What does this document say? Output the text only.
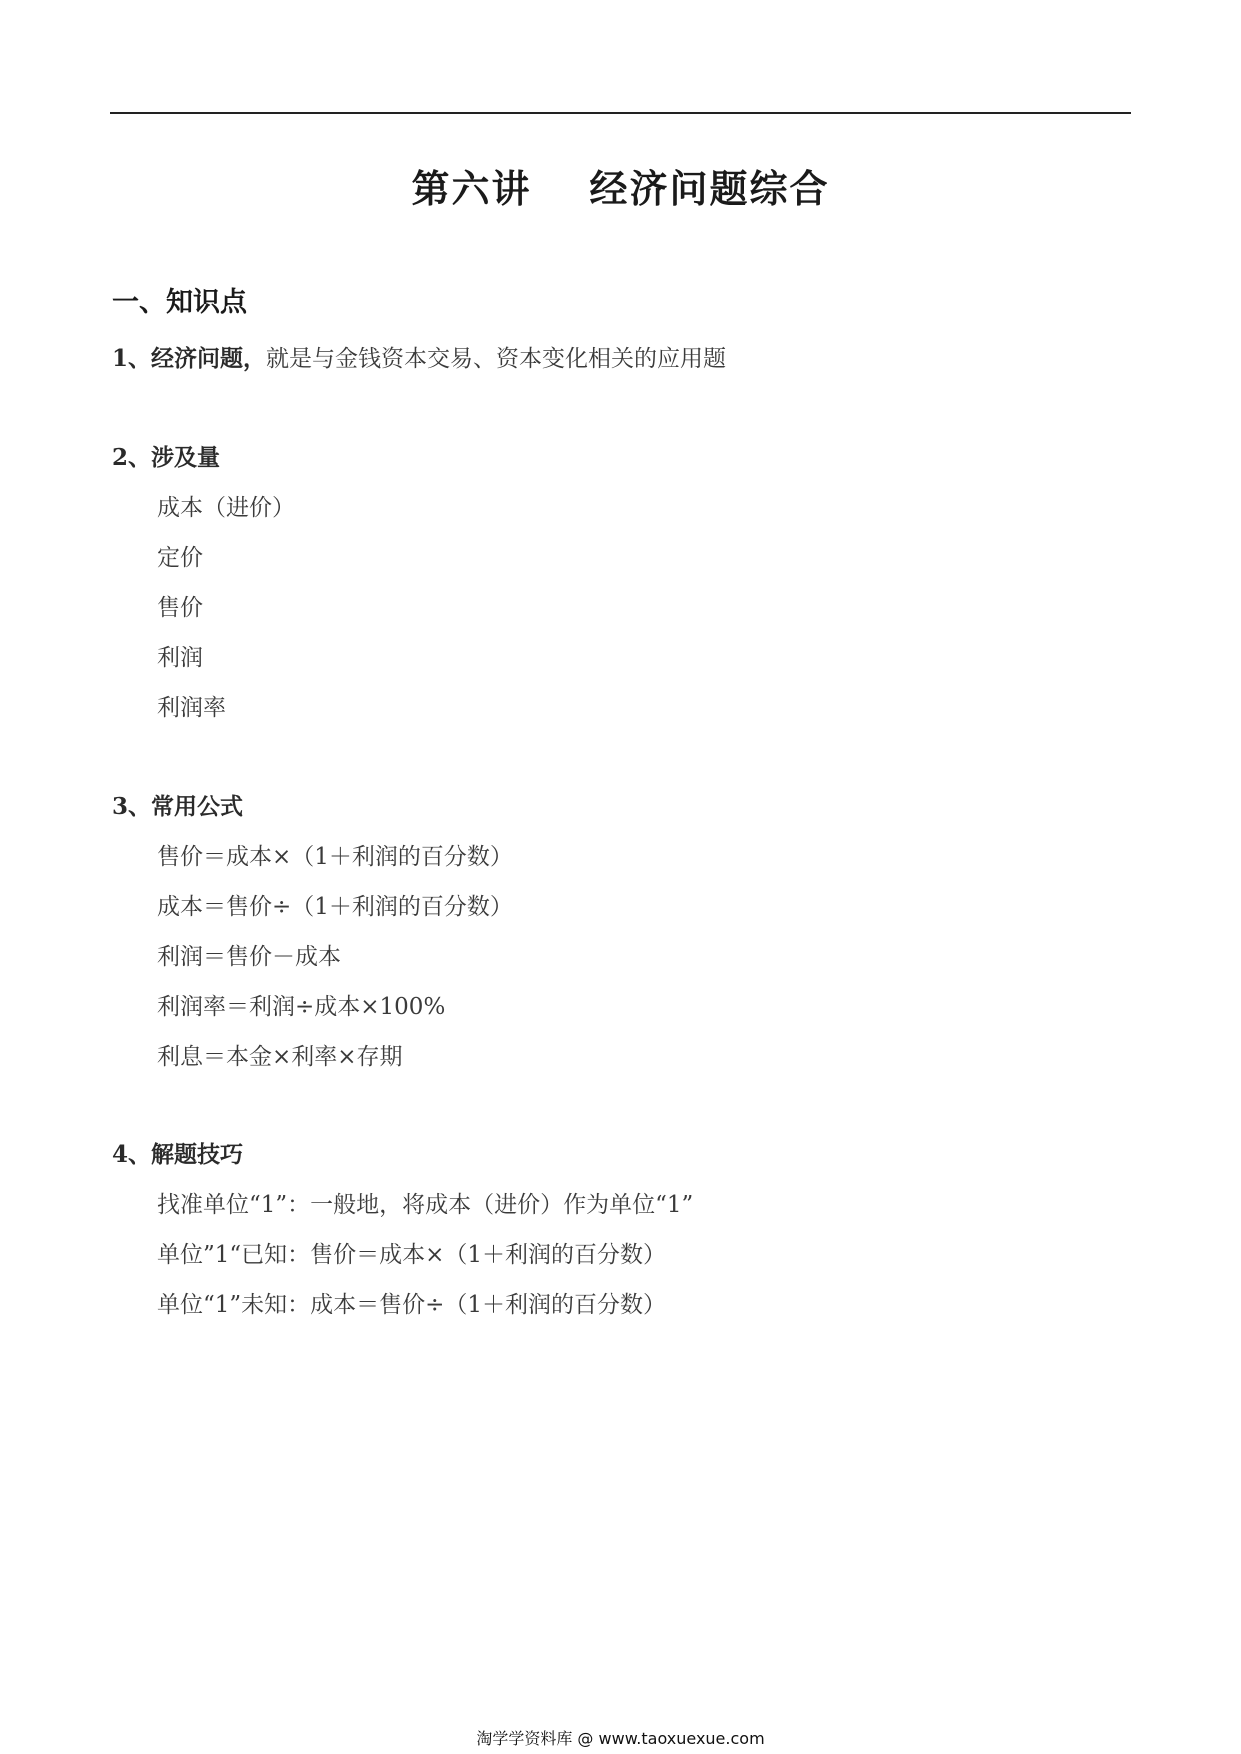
第六讲 经济问题综合
一、知识点
1、经济问题，就是与金钱资本交易、资本变化相关的应用题
2、涉及量
成本（进价）
定价
售价
利润
利润率
3、常用公式
售价＝成本×（1＋利润的百分数）
成本＝售价÷（1＋利润的百分数）
利润＝售价－成本
利润率＝利润÷成本×100%
利息＝本金×利率×存期
4、解题技巧
找准单位“1”：一般地，将成本（进价）作为单位“1”
单位”1“已知：售价＝成本×（1＋利润的百分数）
单位“1”未知：成本＝售价÷（1＋利润的百分数）
淘学学资料库 @ www.taoxuexue.com
